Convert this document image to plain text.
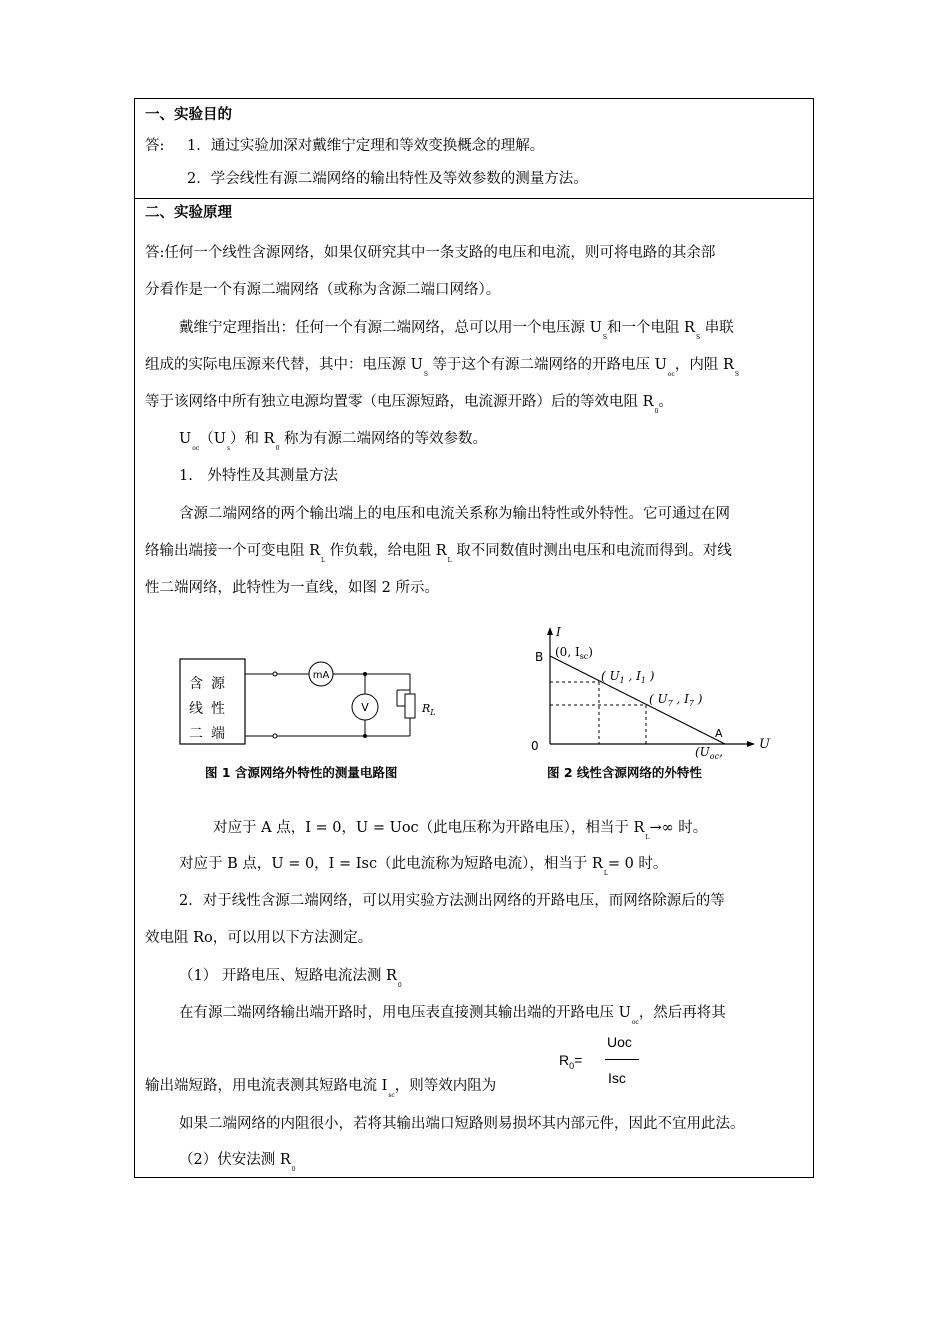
一、实验目的
答: 1．通过实验加深对戴维宁定理和等效变换概念的理解。
2．学会线性有源二端网络的输出特性及等效参数的测量方法。
二、实验原理
答:任何一个线性含源网络，如果仅研究其中一条支路的电压和电流，则可将电路的其余部
分看作是一个有源二端网络（或称为含源二端口网络）。
戴维宁定理指出：任何一个有源二端网络，总可以用一个电压源 $U_S$和一个电阻 $R_S$ 串联
组成的实际电压源来代替，其中：电压源 $U_S$ 等于这个有源二端网络的开路电压 $U_{oc}$，内阻 $R_S$
等于该网络中所有独立电源均置零（电压源短路，电流源开路）后的等效电阻 $R_0$。
$U_{oc}(U_s)$和 $R_0$ 称为有源二端网络的等效参数。
1.　外特性及其测量方法
含源二端网络的两个输出端上的电压和电流关系称为输出特性或外特性。它可通过在网
络输出端接一个可变电阻 $R_L$ 作负载，给电阻 $R_L$ 取不同数值时测出电压和电流而得到。对线
性二端网络，此特性为一直线，如图 2 所示。
mA
V	$R_L$
含源
线性
二端
图 1 含源网络外特性的测量电路图
I
U
0
B (0, $I_{sc}$)
( $U_1$ , $I_1$ )
( $U_7$ , $I_7$ )
A
($U_{oc}$,
图 2 线性含源网络的外特性
对应于 A 点，I = 0，U = Uoc（此电压称为开路电压），相当于 $R_L\to\infty$ 时。
对应于 B 点，U = 0，I = Isc（此电流称为短路电流），相当于 $R_L= 0$ 时。
2．对于线性含源二端网络，可以用实验方法测出网络的开路电压，而网络除源后的等
效电阻 Ro，可以用以下方法测定。
（1） 开路电压、短路电流法测 $R_0$
在有源二端网络输出端开路时，用电压表直接测其输出端的开路电压 $U_{oc}$，然后再将其
$R_0=$
Uoc
Isc
输出端短路，用电流表测其短路电流 $I_{sc}$，则等效内阻为
如果二端网络的内阻很小，若将其输出端口短路则易损坏其内部元件，因此不宜用此法。
（2）伏安法测 $R_0$
